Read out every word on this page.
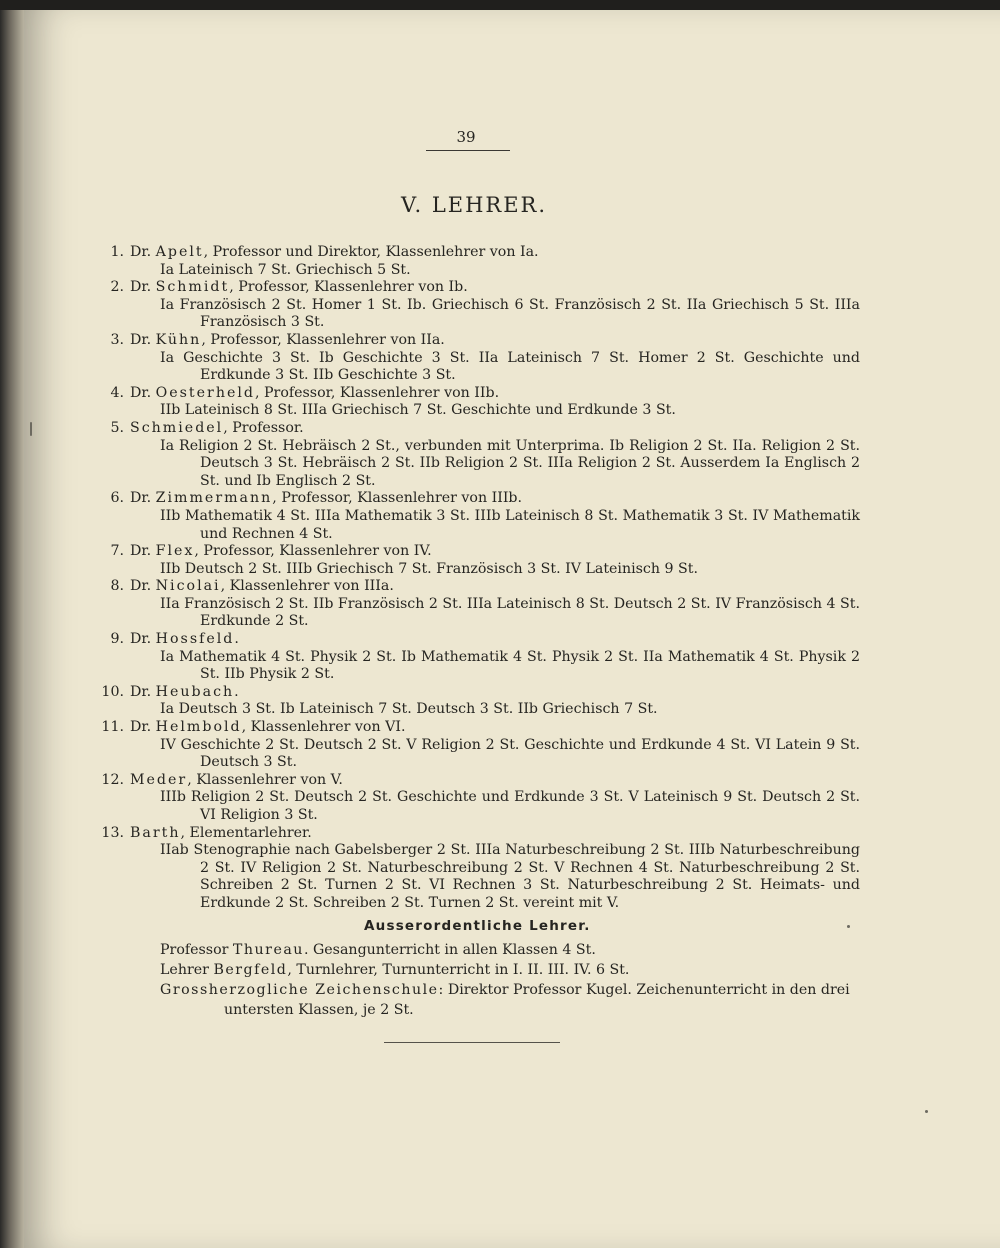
39
V. LEHRER.
1. Dr. Apelt, Professor und Direktor, Klassenlehrer von Ia.
Ia Lateinisch 7 St. Griechisch 5 St.
2. Dr. Schmidt, Professor, Klassenlehrer von Ib.
Ia Französisch 2 St. Homer 1 St. Ib. Griechisch 6 St. Französisch 2 St. IIa Griechisch 5 St. IIIa Französisch 3 St.
3. Dr. Kühn, Professor, Klassenlehrer von IIa.
Ia Geschichte 3 St. Ib Geschichte 3 St. IIa Lateinisch 7 St. Homer 2 St. Geschichte und Erdkunde 3 St. IIb Geschichte 3 St.
4. Dr. Oesterheld, Professor, Klassenlehrer von IIb.
IIb Lateinisch 8 St. IIIa Griechisch 7 St. Geschichte und Erdkunde 3 St.
5. Schmiedel, Professor.
Ia Religion 2 St. Hebräisch 2 St., verbunden mit Unterprima. Ib Religion 2 St. IIa. Religion 2 St. Deutsch 3 St. Hebräisch 2 St. IIb Religion 2 St. IIIa Religion 2 St. Ausserdem Ia Englisch 2 St. und Ib Englisch 2 St.
6. Dr. Zimmermann, Professor, Klassenlehrer von IIIb.
IIb Mathematik 4 St. IIIa Mathematik 3 St. IIIb Lateinisch 8 St. Mathematik 3 St. IV Mathematik und Rechnen 4 St.
7. Dr. Flex, Professor, Klassenlehrer von IV.
IIb Deutsch 2 St. IIIb Griechisch 7 St. Französisch 3 St. IV Lateinisch 9 St.
8. Dr. Nicolai, Klassenlehrer von IIIa.
IIa Französisch 2 St. IIb Französisch 2 St. IIIa Lateinisch 8 St. Deutsch 2 St. IV Französisch 4 St. Erdkunde 2 St.
9. Dr. Hossfeld.
Ia Mathematik 4 St. Physik 2 St. Ib Mathematik 4 St. Physik 2 St. IIa Mathematik 4 St. Physik 2 St. IIb Physik 2 St.
10. Dr. Heubach.
Ia Deutsch 3 St. Ib Lateinisch 7 St. Deutsch 3 St. IIb Griechisch 7 St.
11. Dr. Helmbold, Klassenlehrer von VI.
IV Geschichte 2 St. Deutsch 2 St. V Religion 2 St. Geschichte und Erdkunde 4 St. VI Latein 9 St. Deutsch 3 St.
12. Meder, Klassenlehrer von V.
IIIb Religion 2 St. Deutsch 2 St. Geschichte und Erdkunde 3 St. V Lateinisch 9 St. Deutsch 2 St. VI Religion 3 St.
13. Barth, Elementarlehrer.
IIab Stenographie nach Gabelsberger 2 St. IIIa Naturbeschreibung 2 St. IIIb Naturbeschreibung 2 St. IV Religion 2 St. Naturbeschreibung 2 St. V Rechnen 4 St. Naturbeschreibung 2 St. Schreiben 2 St. Turnen 2 St. VI Rechnen 3 St. Naturbeschreibung 2 St. Heimats- und Erdkunde 2 St. Schreiben 2 St. Turnen 2 St. vereint mit V.
Ausserordentliche Lehrer.
Professor Thureau. Gesangunterricht in allen Klassen 4 St.
Lehrer Bergfeld, Turnlehrer, Turnunterricht in I. II. III. IV. 6 St.
Grossherzogliche Zeichenschule: Direktor Professor Kugel. Zeichenunterricht in den drei untersten Klassen, je 2 St.
